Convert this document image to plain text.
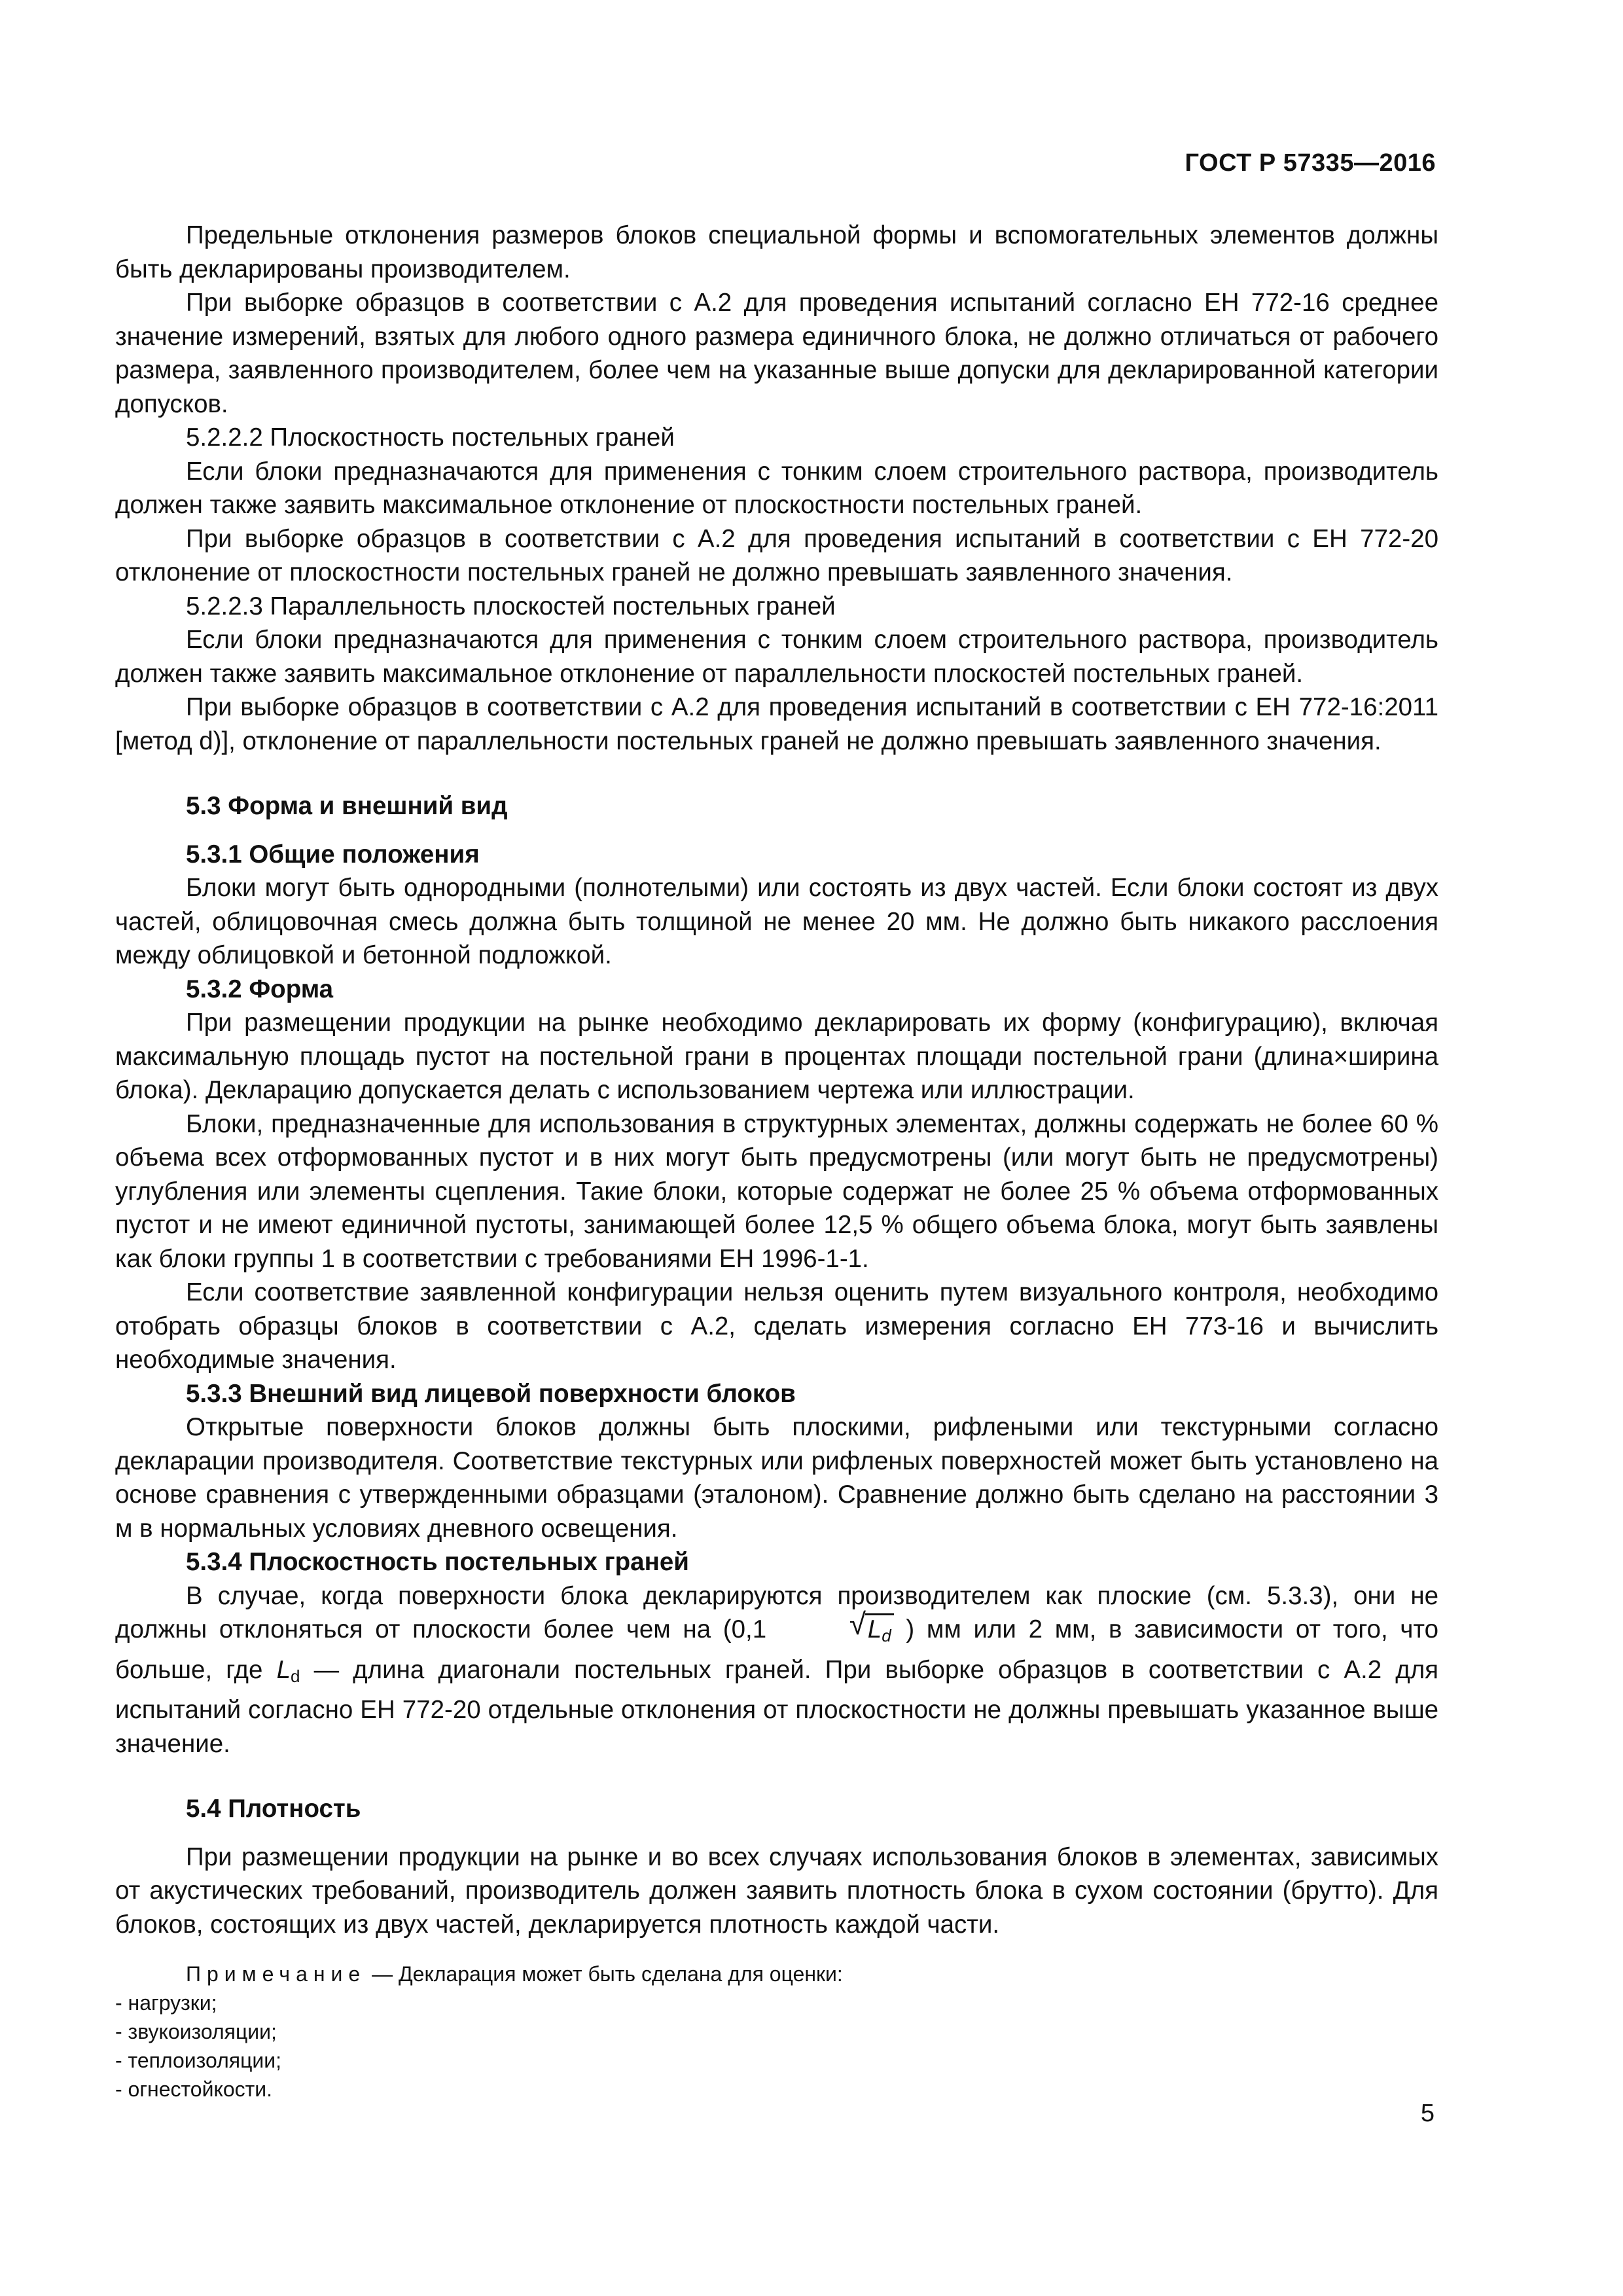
ГОСТ Р 57335—2016

Предельные отклонения размеров блоков специальной формы и вспомогательных элементов должны быть декларированы производителем.

При выборке образцов в соответствии с А.2 для проведения испытаний согласно ЕН 772-16 среднее значение измерений, взятых для любого одного размера единичного блока, не должно отличаться от рабочего размера, заявленного производителем, более чем на указанные выше допуски для декларированной категории допусков.

5.2.2.2 Плоскостность постельных граней

Если блоки предназначаются для применения с тонким слоем строительного раствора, производитель должен также заявить максимальное отклонение от плоскостности постельных граней.

При выборке образцов в соответствии с А.2 для проведения испытаний в соответствии с ЕН 772-20 отклонение от плоскостности постельных граней не должно превышать заявленного значения.

5.2.2.3 Параллельность плоскостей постельных граней

Если блоки предназначаются для применения с тонким слоем строительного раствора, производитель должен также заявить максимальное отклонение от параллельности плоскостей постельных граней.

При выборке образцов в соответствии с А.2 для проведения испытаний в соответствии с ЕН 772-16:2011 [метод d)], отклонение от параллельности постельных граней не должно превышать заявленного значения.

5.3 Форма и внешний вид
5.3.1 Общие положения

Блоки могут быть однородными (полнотелыми) или состоять из двух частей. Если блоки состоят из двух частей, облицовочная смесь должна быть толщиной не менее 20 мм. Не должно быть никакого расслоения между облицовкой и бетонной подложкой.

5.3.2 Форма

При размещении продукции на рынке необходимо декларировать их форму (конфигурацию), включая максимальную площадь пустот на постельной грани в процентах площади постельной грани (длина×ширина блока). Декларацию допускается делать с использованием чертежа или иллюстрации.

Блоки, предназначенные для использования в структурных элементах, должны содержать не более 60 % объема всех отформованных пустот и в них могут быть предусмотрены (или могут быть не предусмотрены) углубления или элементы сцепления. Такие блоки, которые содержат не более 25 % объема отформованных пустот и не имеют единичной пустоты, занимающей более 12,5 % общего объема блока, могут быть заявлены как блоки группы 1 в соответствии с требованиями ЕН 1996-1-1.

Если соответствие заявленной конфигурации нельзя оценить путем визуального контроля, необходимо отобрать образцы блоков в соответствии с А.2, сделать измерения согласно ЕН 773-16 и вычислить необходимые значения.

5.3.3 Внешний вид лицевой поверхности блоков

Открытые поверхности блоков должны быть плоскими, рифлеными или текстурными согласно декларации производителя. Соответствие текстурных или рифленых поверхностей может быть установлено на основе сравнения с утвержденными образцами (эталоном). Сравнение должно быть сделано на расстоянии 3 м в нормальных условиях дневного освещения.

5.3.4 Плоскостность постельных граней

В случае, когда поверхности блока декларируются производителем как плоские (см. 5.3.3), они не должны отклоняться от плоскости более чем на (0,1	√ Ld ) мм или 2 мм, в зависимости от того, что больше, где Ld — длина диагонали постельных граней. При выборке образцов в соответствии с А.2 для испытаний согласно ЕН 772-20 отдельные отклонения от плоскостности не должны превышать указанное выше значение.

5.4 Плотность

При размещении продукции на рынке и во всех случаях использования блоков в элементах, зависимых от акустических требований, производитель должен заявить плотность блока в сухом состоянии (брутто). Для блоков, состоящих из двух частей, декларируется плотность каждой части.

Примечание — Декларация может быть сделана для оценки:
- нагрузки;
- звукоизоляции;
- теплоизоляции;
- огнестойкости.
5
